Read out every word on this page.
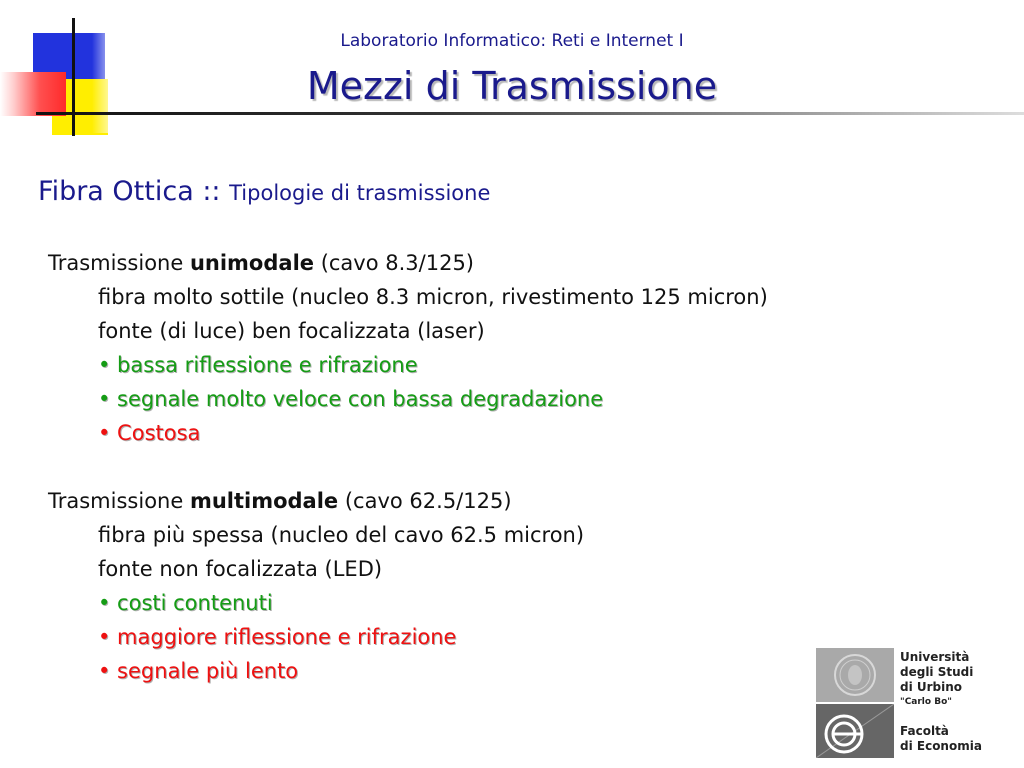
Laboratorio Informatico: Reti e Internet I
Mezzi di Trasmissione
Fibra Ottica :: Tipologie di trasmissione
Trasmissione unimodale (cavo 8.3/125)
fibra molto sottile (nucleo 8.3 micron, rivestimento 125 micron)
fonte (di luce) ben focalizzata (laser)
• bassa riflessione e rifrazione
• segnale molto veloce con bassa degradazione
• Costosa
Trasmissione multimodale (cavo 62.5/125)
fibra più spessa (nucleo del cavo 62.5 micron)
fonte non focalizzata (LED)
• costi contenuti
• maggiore riflessione e rifrazione
• segnale più lento
Università
degli Studi
di Urbino
"Carlo Bo"
Facoltà
di Economia
